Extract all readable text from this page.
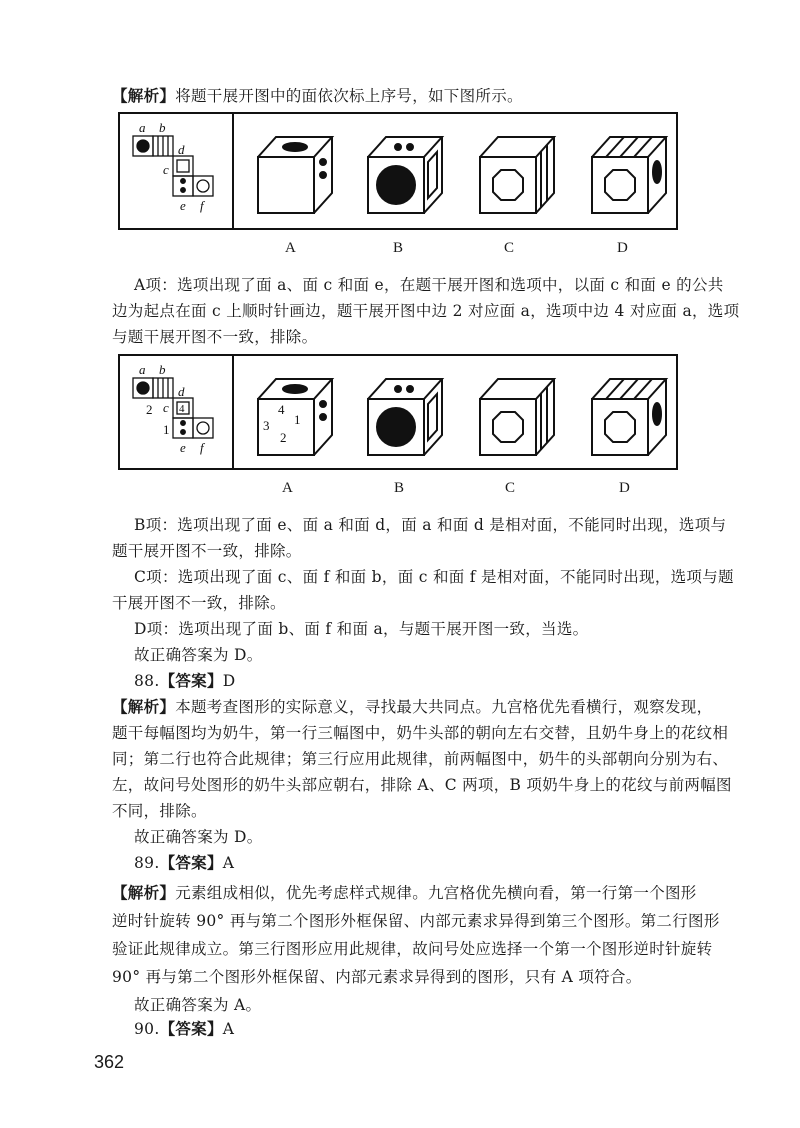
【解析】将题干展开图中的面依次标上序号，如下图所示。
a b
d
c
e f
A	B	C	D
A项：选项出现了面 a、面 c 和面 e，在题干展开图和选项中，以面 c 和面 e 的公共
边为起点在面 c 上顺时针画边，题干展开图中边 2 对应面 a，选项中边 4 对应面 a，选项
与题干展开图不一致，排除。
a b
d
c
e f
2 4
1
4
3 1
2
A	B	C	D
B项：选项出现了面 e、面 a 和面 d，面 a 和面 d 是相对面，不能同时出现，选项与
题干展开图不一致，排除。
C项：选项出现了面 c、面 f 和面 b，面 c 和面 f 是相对面，不能同时出现，选项与题
干展开图不一致，排除。
D项：选项出现了面 b、面 f 和面 a，与题干展开图一致，当选。
故正确答案为 D。
88.【答案】D
【解析】本题考查图形的实际意义，寻找最大共同点。九宫格优先看横行，观察发现，
题干每幅图均为奶牛，第一行三幅图中，奶牛头部的朝向左右交替，且奶牛身上的花纹相
同；第二行也符合此规律；第三行应用此规律，前两幅图中，奶牛的头部朝向分别为右、
左，故问号处图形的奶牛头部应朝右，排除 A、C 两项，B 项奶牛身上的花纹与前两幅图
不同，排除。
故正确答案为 D。
89.【答案】A
【解析】元素组成相似，优先考虑样式规律。九宫格优先横向看，第一行第一个图形
逆时针旋转 90° 再与第二个图形外框保留、内部元素求异得到第三个图形。第二行图形
验证此规律成立。第三行图形应用此规律，故问号处应选择一个第一个图形逆时针旋转
90° 再与第二个图形外框保留、内部元素求异得到的图形，只有 A 项符合。
故正确答案为 A。
90.【答案】A
362
